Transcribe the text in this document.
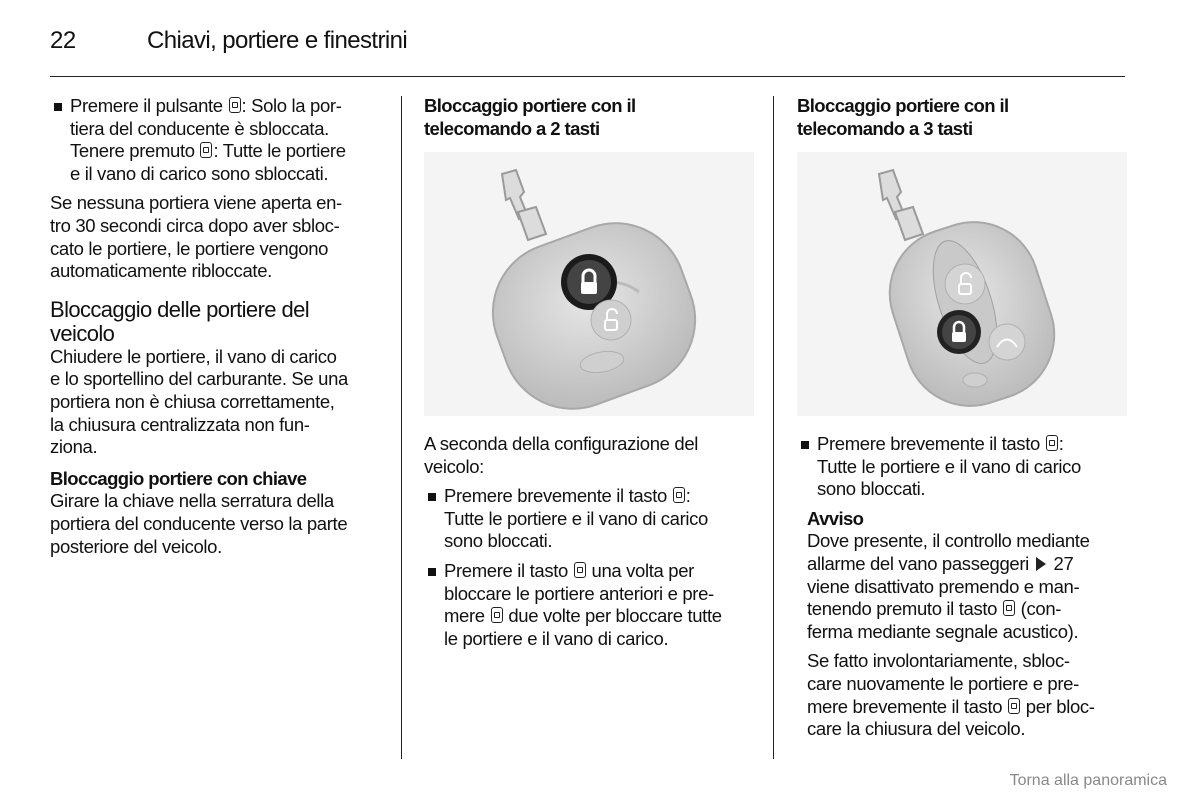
22	Chiavi, portiere e finestrini
Premere il pulsante : Solo la por-
tiera del conducente è sbloccata.
Tenere premuto : Tutte le portiere
e il vano di carico sono sbloccati.
Se nessuna portiera viene aperta en-
tro 30 secondi circa dopo aver sbloc-
cato le portiere, le portiere vengono
automaticamente ribloccate.
Bloccaggio delle portiere del
veicolo
Chiudere le portiere, il vano di carico
e lo sportellino del carburante. Se una
portiera non è chiusa correttamente,
la chiusura centralizzata non fun-
ziona.
Bloccaggio portiere con chiave
Girare la chiave nella serratura della
portiera del conducente verso la parte
posteriore del veicolo.
Bloccaggio portiere con il
telecomando a 2 tasti
A seconda della configurazione del
veicolo:
Premere brevemente il tasto :
Tutte le portiere e il vano di carico
sono bloccati.
Premere il tasto  una volta per
bloccare le portiere anteriori e pre-
mere  due volte per bloccare tutte
le portiere e il vano di carico.
Bloccaggio portiere con il
telecomando a 3 tasti
Premere brevemente il tasto :
Tutte le portiere e il vano di carico
sono bloccati.
Avviso
Dove presente, il controllo mediante
allarme del vano passeggeri  27
viene disattivato premendo e man-
tenendo premuto il tasto  (con-
ferma mediante segnale acustico).
Se fatto involontariamente, sbloc-
care nuovamente le portiere e pre-
mere brevemente il tasto  per bloc-
care la chiusura del veicolo.
Torna alla panoramica
